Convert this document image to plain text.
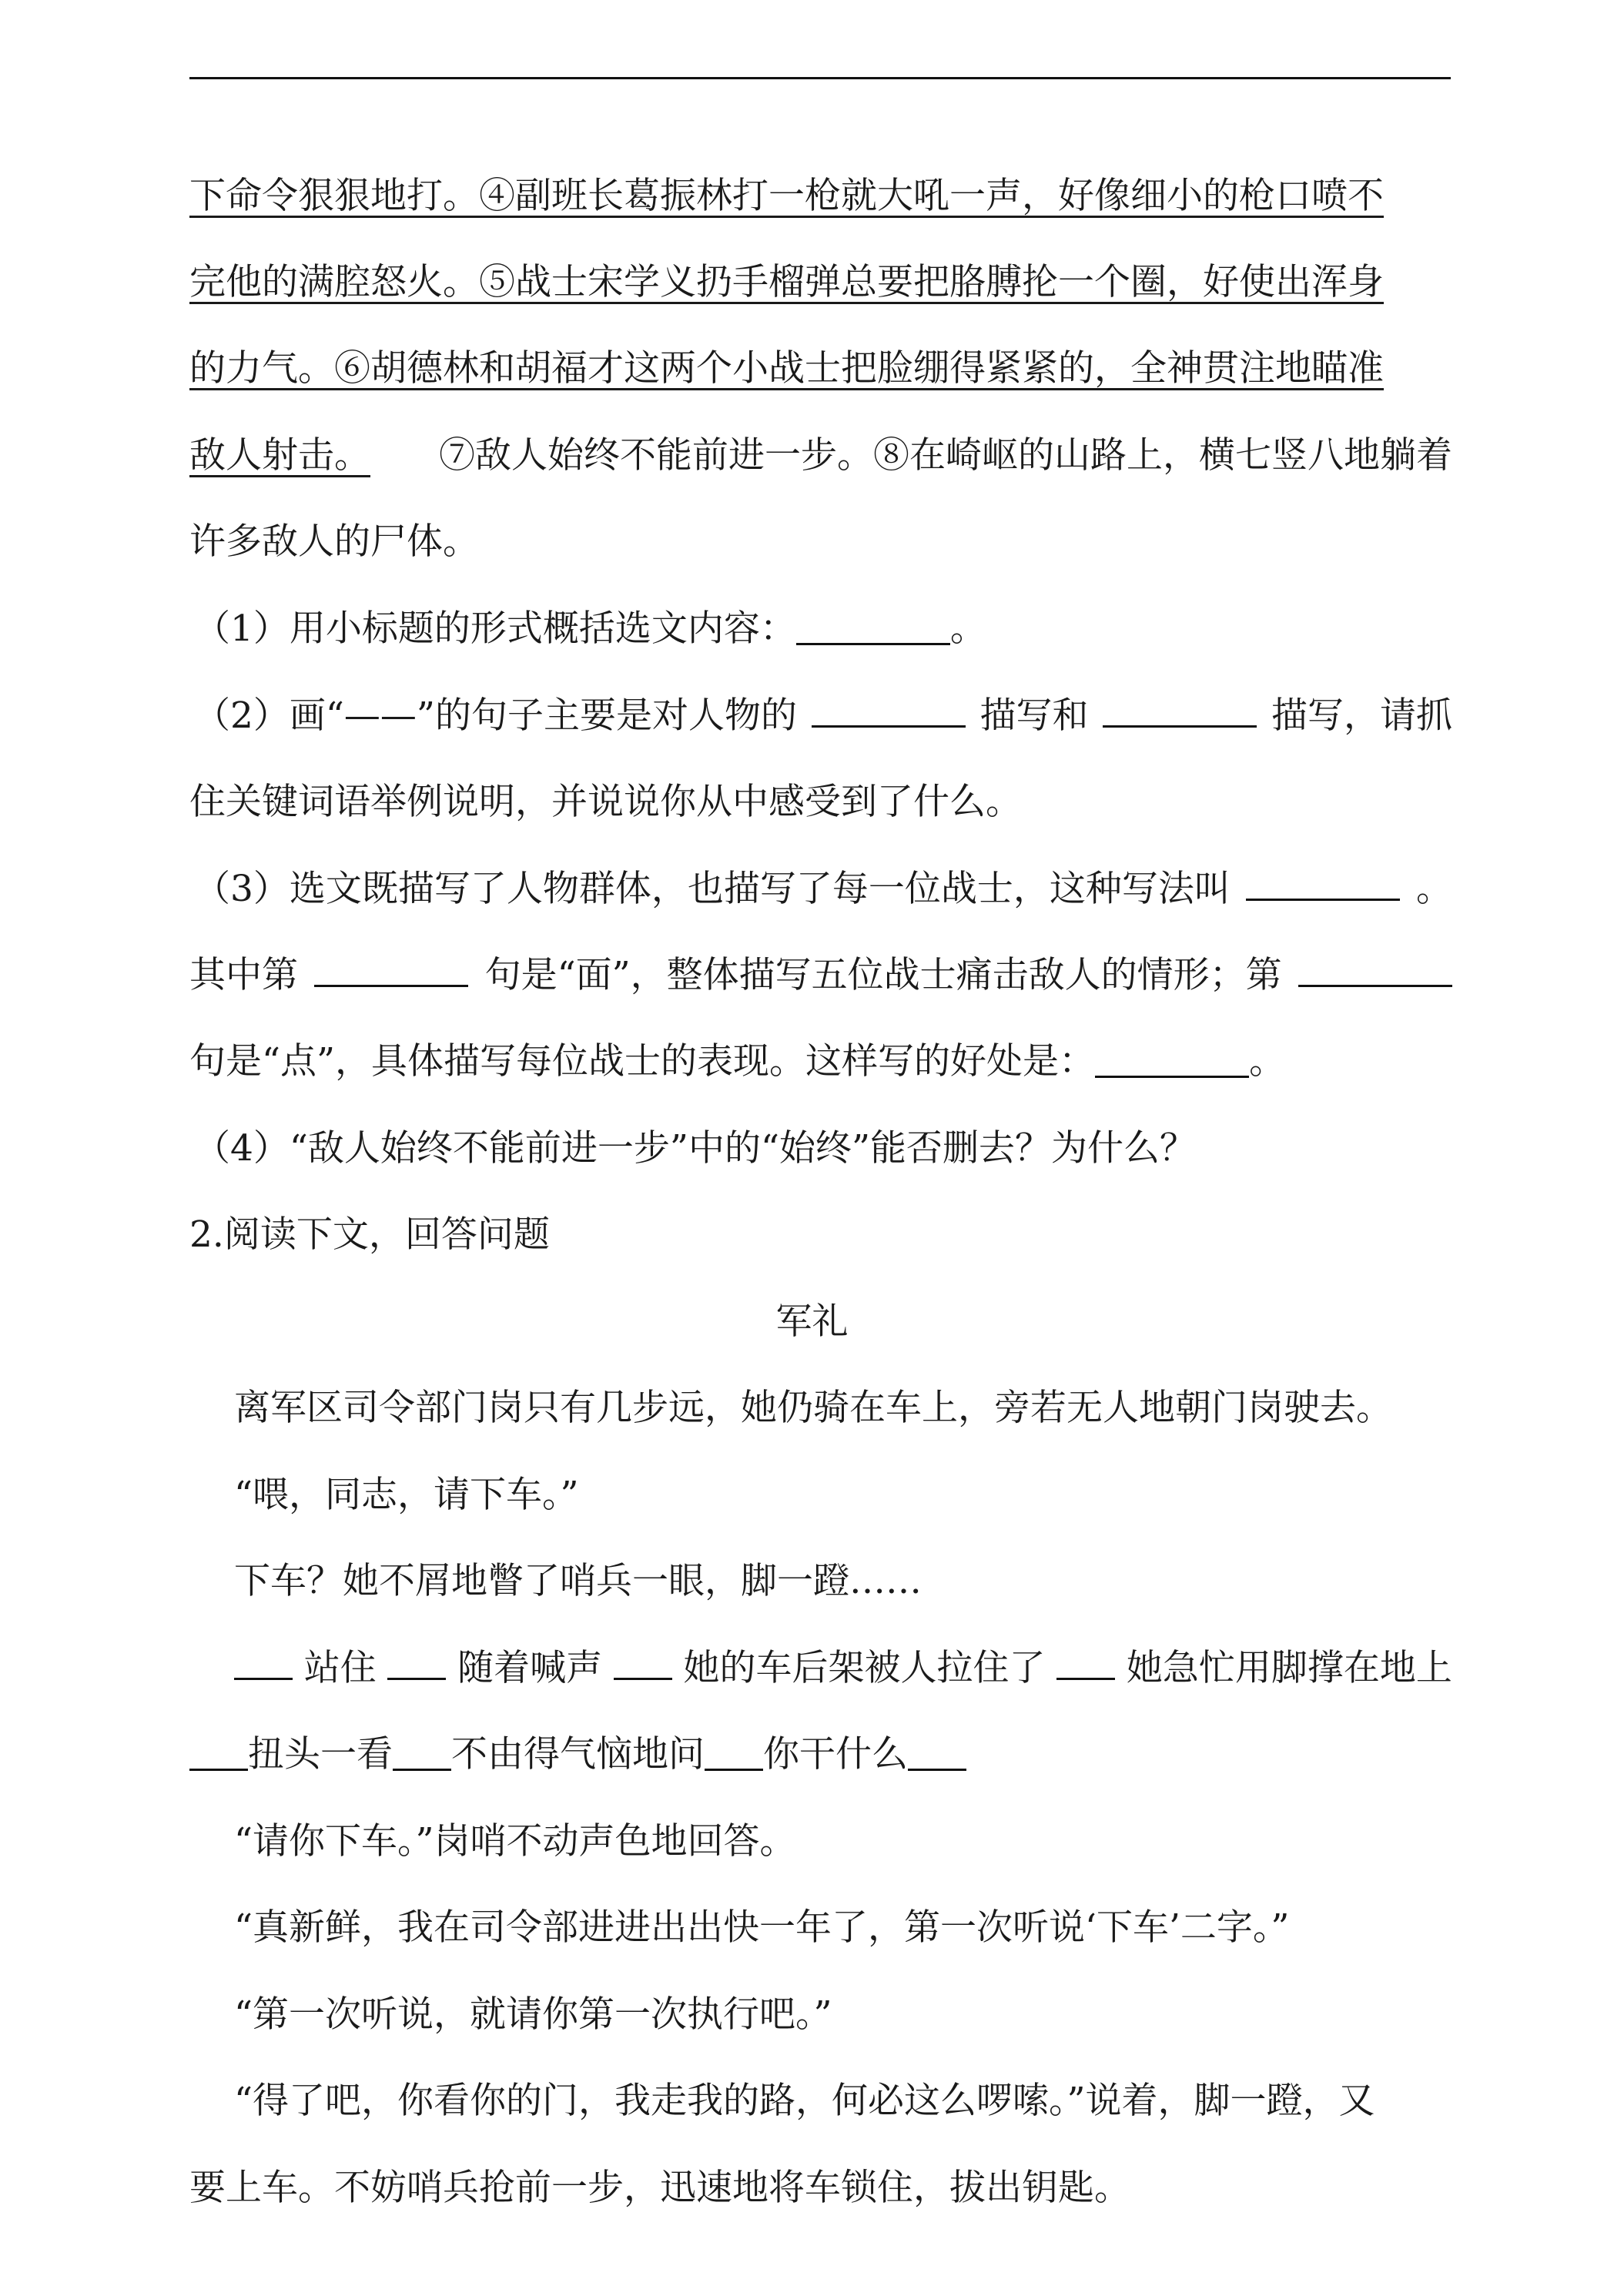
下命令狠狠地打。④副班长葛振林打一枪就大吼一声，好像细小的枪口喷不
完他的满腔怒火。⑤战士宋学义扔手榴弹总要把胳膊抡一个圈，好使出浑身
的力气。⑥胡德林和胡福才这两个小战士把脸绷得紧紧的，全神贯注地瞄准
敌人射击。 ⑦敌人始终不能前进一步。⑧在崎岖的山路上，横七竖八地躺着
许多敌人的尸体。
（1）用小标题的形式概括选文内容：	。
（2）画“——”的句子主要是对人物的	描写和	描写，请抓
住关键词语举例说明，并说说你从中感受到了什么。
（3）选文既描写了人物群体，也描写了每一位战士，这种写法叫	。
其中第	句是“面”，整体描写五位战士痛击敌人的情形；第
句是“点”，具体描写每位战士的表现。这样写的好处是：	。
（4）“敌人始终不能前进一步”中的“始终”能否删去？为什么？
2.阅读下文，回答问题
军礼
离军区司令部门岗只有几步远，她仍骑在车上，旁若无人地朝门岗驶去。
“喂，同志，请下车。”
下车？她不屑地瞥了哨兵一眼，脚一蹬……
站住 随着喊声 她的车后架被人拉住了 她急忙用脚撑在地上
扭头一看 不由得气恼地问 你干什么
“请你下车。”岗哨不动声色地回答。
“真新鲜，我在司令部进进出出快一年了，第一次听说‘下车’二字。”
“第一次听说，就请你第一次执行吧。”
“得了吧，你看你的门，我走我的路，何必这么啰嗦。”说着，脚一蹬，又
要上车。不妨哨兵抢前一步，迅速地将车锁住，拔出钥匙。
